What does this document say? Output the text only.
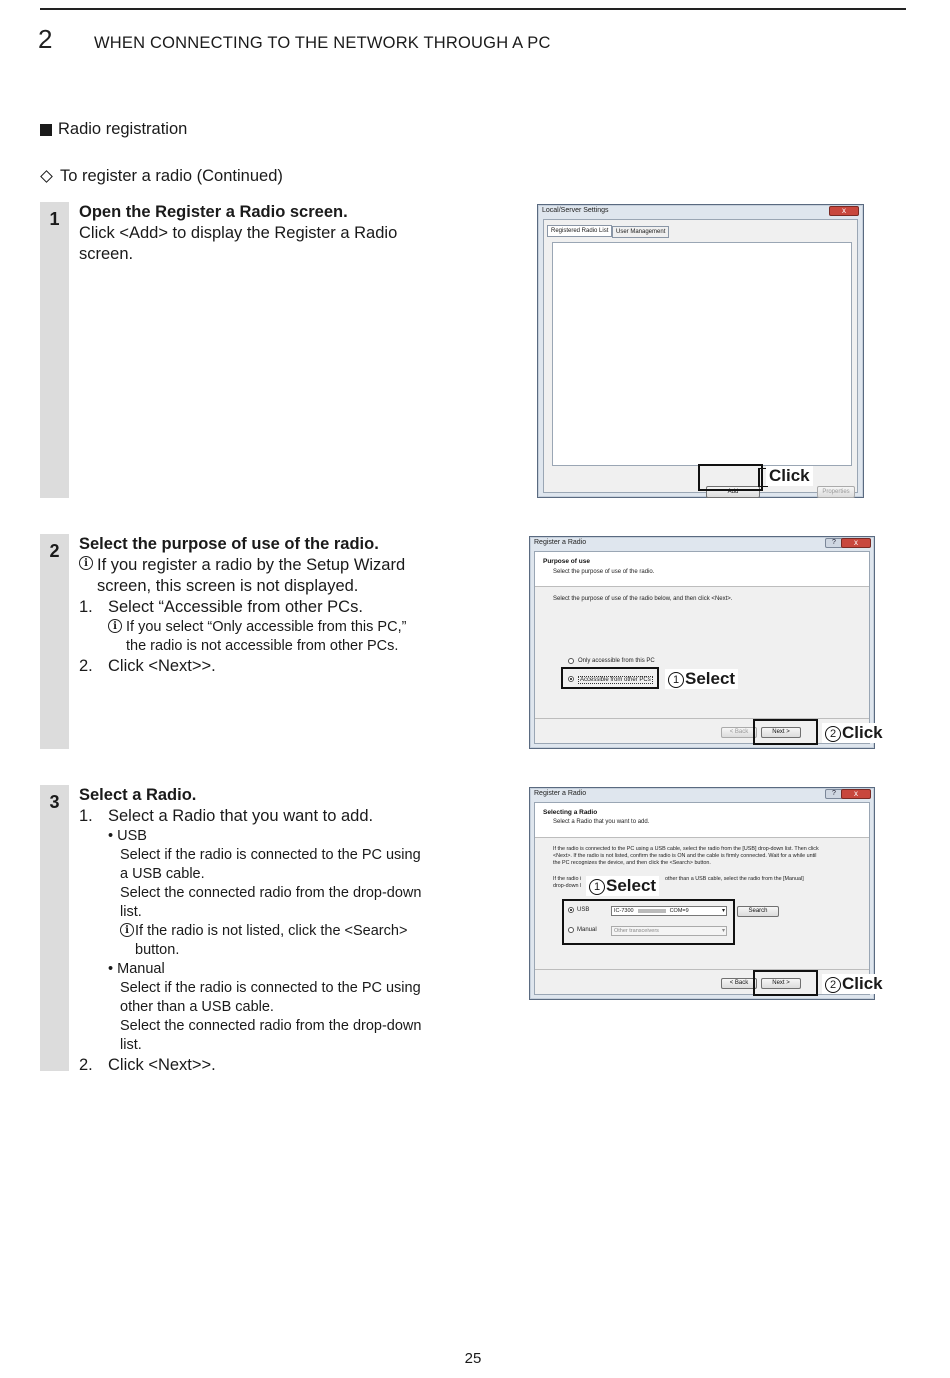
2	WHEN CONNECTING TO THE NETWORK THROUGH A PC
Radio registration
To register a radio (Continued)
1	Open the Register a Radio screen.
Click <Add> to display the Register a Radio
screen.
Local/Server Settings	x
Registered Radio List	User Management
Add	Properties
Click
2	Select the purpose of use of the radio.
i If you register a radio by the Setup Wizard
screen, this screen is not displayed.
1. Select “Accessible from other PCs.
i If you select “Only accessible from this PC,”
the radio is not accessible from other PCs.
2. Click <Next>>.
Register a Radio	?	x
Purpose of use
Select the purpose of use of the radio.
Select the purpose of use of the radio below, and then click <Next>.
Only accessible from this PC
Accessible from other PCs
< Back	Next >
1 Select
2 Click
3	Select a Radio.
1. Select a Radio that you want to add.
• USB
Select if the radio is connected to the PC using
a USB cable.
Select the connected radio from the drop-down
list.
i If the radio is not listed, click the <Search>
button.
• Manual
Select if the radio is connected to the PC using
other than a USB cable.
Select the connected radio from the drop-down
list.
2. Click <Next>>.
Register a Radio	?	x
Selecting a Radio
Select a Radio that you want to add.
If the radio is connected to the PC using a USB cable, select the radio from the [USB] drop-down list. Then click
<Next>. If the radio is not listed, confirm the radio is ON and the cable is firmly connected. Wait for a while until
the PC recognizes the device, and then click the <Search> button.
If the radio i
drop-down l
other than a USB cable, select the radio from the [Manual]
USB	IC-7300	COM=9	▾	Search
Manual	Other transceivers	▾
< Back	Next >
1 Select
2 Click
25
